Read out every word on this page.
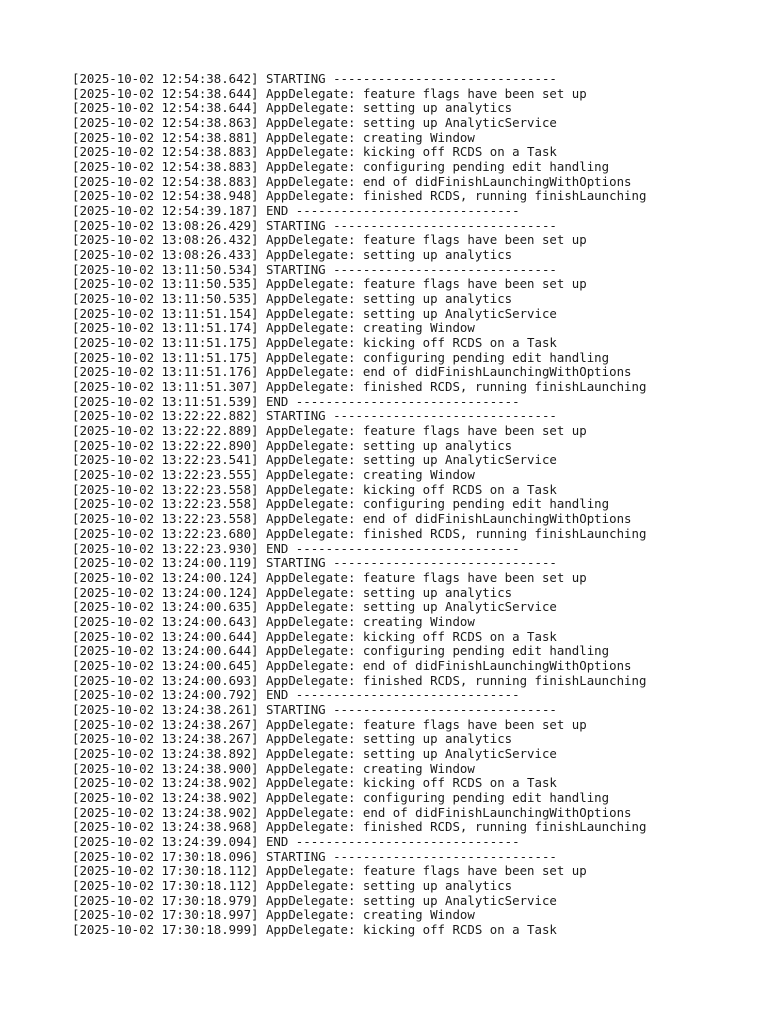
[2025-10-02 12:54:38.642] STARTING ------------------------------
[2025-10-02 12:54:38.644] AppDelegate: feature flags have been set up
[2025-10-02 12:54:38.644] AppDelegate: setting up analytics
[2025-10-02 12:54:38.863] AppDelegate: setting up AnalyticService
[2025-10-02 12:54:38.881] AppDelegate: creating Window
[2025-10-02 12:54:38.883] AppDelegate: kicking off RCDS on a Task
[2025-10-02 12:54:38.883] AppDelegate: configuring pending edit handling
[2025-10-02 12:54:38.883] AppDelegate: end of didFinishLaunchingWithOptions
[2025-10-02 12:54:38.948] AppDelegate: finished RCDS, running finishLaunching
[2025-10-02 12:54:39.187] END ------------------------------
[2025-10-02 13:08:26.429] STARTING ------------------------------
[2025-10-02 13:08:26.432] AppDelegate: feature flags have been set up
[2025-10-02 13:08:26.433] AppDelegate: setting up analytics
[2025-10-02 13:11:50.534] STARTING ------------------------------
[2025-10-02 13:11:50.535] AppDelegate: feature flags have been set up
[2025-10-02 13:11:50.535] AppDelegate: setting up analytics
[2025-10-02 13:11:51.154] AppDelegate: setting up AnalyticService
[2025-10-02 13:11:51.174] AppDelegate: creating Window
[2025-10-02 13:11:51.175] AppDelegate: kicking off RCDS on a Task
[2025-10-02 13:11:51.175] AppDelegate: configuring pending edit handling
[2025-10-02 13:11:51.176] AppDelegate: end of didFinishLaunchingWithOptions
[2025-10-02 13:11:51.307] AppDelegate: finished RCDS, running finishLaunching
[2025-10-02 13:11:51.539] END ------------------------------
[2025-10-02 13:22:22.882] STARTING ------------------------------
[2025-10-02 13:22:22.889] AppDelegate: feature flags have been set up
[2025-10-02 13:22:22.890] AppDelegate: setting up analytics
[2025-10-02 13:22:23.541] AppDelegate: setting up AnalyticService
[2025-10-02 13:22:23.555] AppDelegate: creating Window
[2025-10-02 13:22:23.558] AppDelegate: kicking off RCDS on a Task
[2025-10-02 13:22:23.558] AppDelegate: configuring pending edit handling
[2025-10-02 13:22:23.558] AppDelegate: end of didFinishLaunchingWithOptions
[2025-10-02 13:22:23.680] AppDelegate: finished RCDS, running finishLaunching
[2025-10-02 13:22:23.930] END ------------------------------
[2025-10-02 13:24:00.119] STARTING ------------------------------
[2025-10-02 13:24:00.124] AppDelegate: feature flags have been set up
[2025-10-02 13:24:00.124] AppDelegate: setting up analytics
[2025-10-02 13:24:00.635] AppDelegate: setting up AnalyticService
[2025-10-02 13:24:00.643] AppDelegate: creating Window
[2025-10-02 13:24:00.644] AppDelegate: kicking off RCDS on a Task
[2025-10-02 13:24:00.644] AppDelegate: configuring pending edit handling
[2025-10-02 13:24:00.645] AppDelegate: end of didFinishLaunchingWithOptions
[2025-10-02 13:24:00.693] AppDelegate: finished RCDS, running finishLaunching
[2025-10-02 13:24:00.792] END ------------------------------
[2025-10-02 13:24:38.261] STARTING ------------------------------
[2025-10-02 13:24:38.267] AppDelegate: feature flags have been set up
[2025-10-02 13:24:38.267] AppDelegate: setting up analytics
[2025-10-02 13:24:38.892] AppDelegate: setting up AnalyticService
[2025-10-02 13:24:38.900] AppDelegate: creating Window
[2025-10-02 13:24:38.902] AppDelegate: kicking off RCDS on a Task
[2025-10-02 13:24:38.902] AppDelegate: configuring pending edit handling
[2025-10-02 13:24:38.902] AppDelegate: end of didFinishLaunchingWithOptions
[2025-10-02 13:24:38.968] AppDelegate: finished RCDS, running finishLaunching
[2025-10-02 13:24:39.094] END ------------------------------
[2025-10-02 17:30:18.096] STARTING ------------------------------
[2025-10-02 17:30:18.112] AppDelegate: feature flags have been set up
[2025-10-02 17:30:18.112] AppDelegate: setting up analytics
[2025-10-02 17:30:18.979] AppDelegate: setting up AnalyticService
[2025-10-02 17:30:18.997] AppDelegate: creating Window
[2025-10-02 17:30:18.999] AppDelegate: kicking off RCDS on a Task
